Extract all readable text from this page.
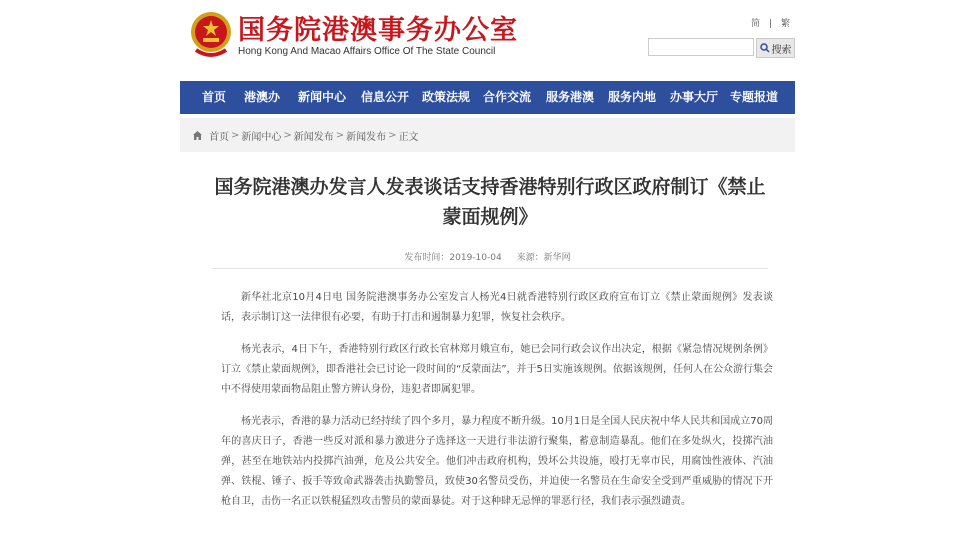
国务院港澳事务办公室
Hong Kong And Macao Affairs Office Of The State Council
简 | 繁
搜索
首页 港澳办 新闻中心 信息公开 政策法规 合作交流 服务港澳 服务内地 办事大厅 专题报道
首页 > 新闻中心 > 新闻发布 > 新闻发布 > 正文
国务院港澳办发言人发表谈话支持香港特别行政区政府制订《禁止蒙面规例》
发布时间：2019-10-04 来源：新华网

新华社北京10月4日电 国务院港澳事务办公室发言人杨光4日就香港特别行政区政府宣布订立《禁止蒙面规例》发表谈话，表示制订这一法律很有必要，有助于打击和遏制暴力犯罪，恢复社会秩序。

杨光表示，4日下午，香港特别行政区行政长官林郑月娥宣布，她已会同行政会议作出决定，根据《紧急情况规例条例》订立《禁止蒙面规例》，即香港社会已讨论一段时间的“反蒙面法”，并于5日实施该规例。依据该规例，任何人在公众游行集会中不得使用蒙面物品阻止警方辨认身份，违犯者即属犯罪。

杨光表示，香港的暴力活动已经持续了四个多月，暴力程度不断升级。10月1日是全国人民庆祝中华人民共和国成立70周年的喜庆日子，香港一些反对派和暴力激进分子选择这一天进行非法游行聚集，蓄意制造暴乱。他们在多处纵火，投掷汽油弹，甚至在地铁站内投掷汽油弹，危及公共安全。他们冲击政府机构，毁坏公共设施，殴打无辜市民，用腐蚀性液体、汽油弹、铁棍、锤子、扳手等致命武器袭击执勤警员，致使30名警员受伤，并迫使一名警员在生命安全受到严重威胁的情况下开枪自卫，击伤一名正以铁棍猛烈攻击警员的蒙面暴徒。对于这种肆无忌惮的罪恶行径，我们表示强烈谴责。
